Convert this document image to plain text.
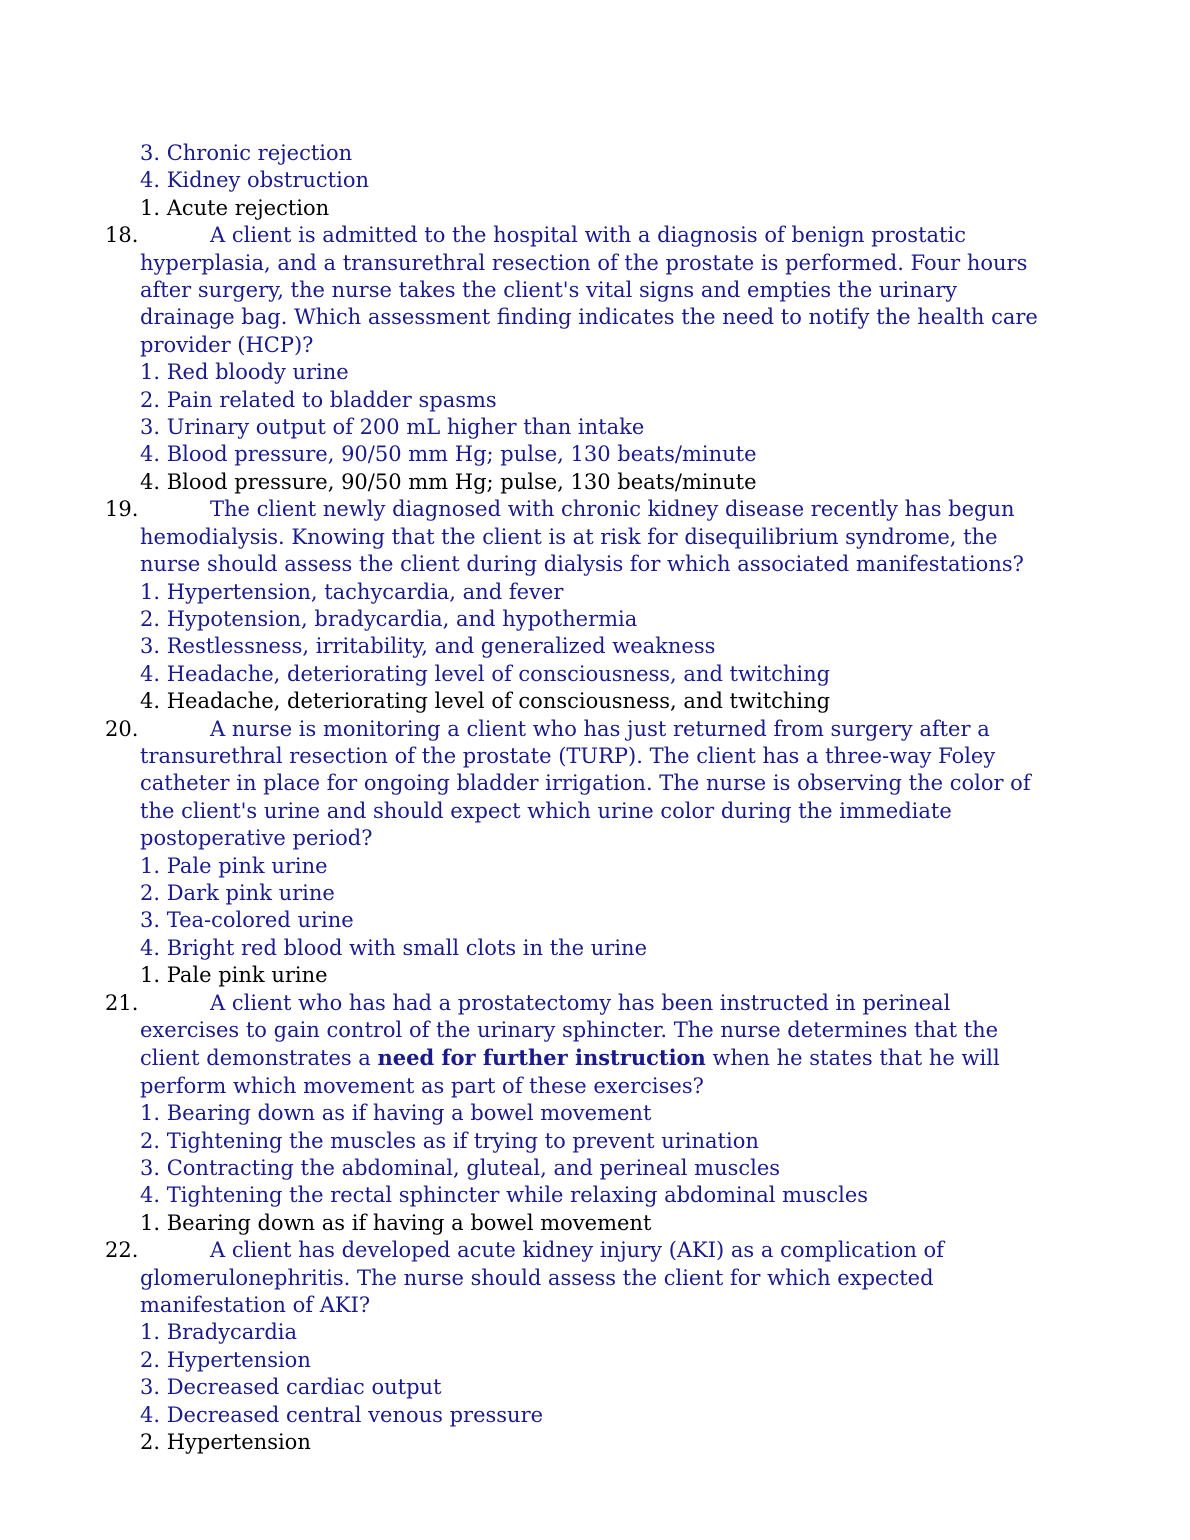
3. Chronic rejection
4. Kidney obstruction
1. Acute rejection
18.	A client is admitted to the hospital with a diagnosis of benign prostatic hyperplasia, and a transurethral resection of the prostate is performed. Four hours after surgery, the nurse takes the client's vital signs and empties the urinary drainage bag. Which assessment finding indicates the need to notify the health care provider (HCP)?
1. Red bloody urine
2. Pain related to bladder spasms
3. Urinary output of 200 mL higher than intake
4. Blood pressure, 90/50 mm Hg; pulse, 130 beats/minute
4. Blood pressure, 90/50 mm Hg; pulse, 130 beats/minute
19.	The client newly diagnosed with chronic kidney disease recently has begun hemodialysis. Knowing that the client is at risk for disequilibrium syndrome, the nurse should assess the client during dialysis for which associated manifestations?
1. Hypertension, tachycardia, and fever
2. Hypotension, bradycardia, and hypothermia
3. Restlessness, irritability, and generalized weakness
4. Headache, deteriorating level of consciousness, and twitching
4. Headache, deteriorating level of consciousness, and twitching
20.	A nurse is monitoring a client who has just returned from surgery after a transurethral resection of the prostate (TURP). The client has a three-way Foley catheter in place for ongoing bladder irrigation. The nurse is observing the color of the client's urine and should expect which urine color during the immediate postoperative period?
1. Pale pink urine
2. Dark pink urine
3. Tea-colored urine
4. Bright red blood with small clots in the urine
1. Pale pink urine
21.	A client who has had a prostatectomy has been instructed in perineal exercises to gain control of the urinary sphincter. The nurse determines that the client demonstrates a need for further instruction when he states that he will perform which movement as part of these exercises?
1. Bearing down as if having a bowel movement
2. Tightening the muscles as if trying to prevent urination
3. Contracting the abdominal, gluteal, and perineal muscles
4. Tightening the rectal sphincter while relaxing abdominal muscles
1. Bearing down as if having a bowel movement
22.	A client has developed acute kidney injury (AKI) as a complication of glomerulonephritis. The nurse should assess the client for which expected manifestation of AKI?
1. Bradycardia
2. Hypertension
3. Decreased cardiac output
4. Decreased central venous pressure
2. Hypertension
